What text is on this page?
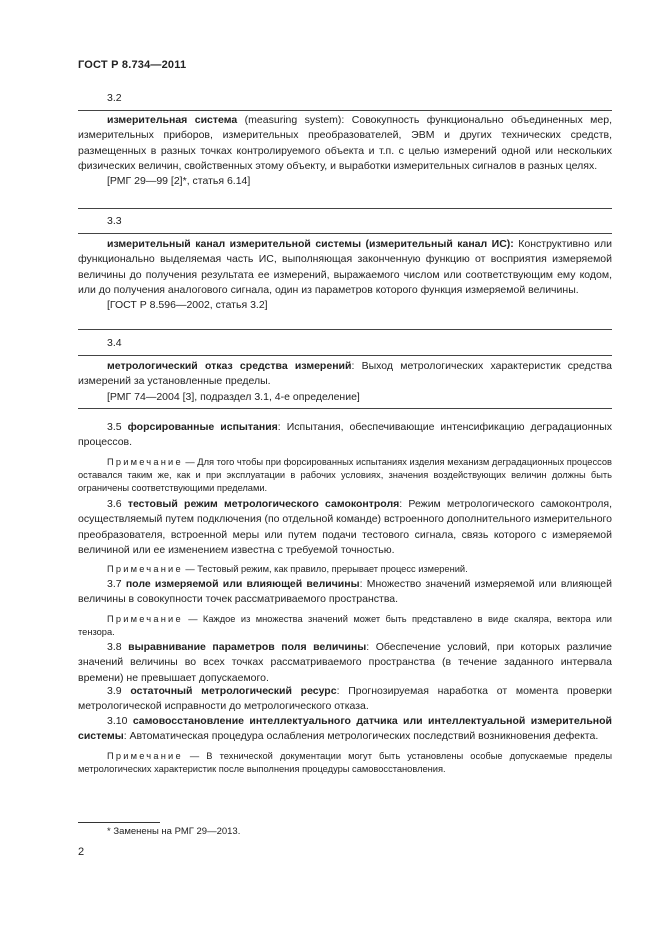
ГОСТ Р 8.734—2011
3.2
измерительная система (measuring system): Совокупность функционально объединенных мер, измерительных приборов, измерительных преобразователей, ЭВМ и других технических средств, размещенных в разных точках контролируемого объекта и т.п. с целью измерений одной или нескольких физических величин, свойственных этому объекту, и выработки измерительных сигналов в разных целях.
[РМГ 29—99 [2]*, статья 6.14]
3.3
измерительный канал измерительной системы (измерительный канал ИС): Конструктивно или функционально выделяемая часть ИС, выполняющая законченную функцию от восприятия измеряемой величины до получения результата ее измерений, выражаемого числом или соответствующим ему кодом, или до получения аналогового сигнала, один из параметров которого функция измеряемой величины.
[ГОСТ Р 8.596—2002, статья 3.2]
3.4
метрологический отказ средства измерений: Выход метрологических характеристик средства измерений за установленные пределы.
[РМГ 74—2004 [3], подраздел 3.1, 4-е определение]
3.5 форсированные испытания: Испытания, обеспечивающие интенсификацию деградационных процессов.
Примечание — Для того чтобы при форсированных испытаниях изделия механизм деградационных процессов оставался таким же, как и при эксплуатации в рабочих условиях, значения воздействующих величин должны быть ограничены соответствующими пределами.
3.6 тестовый режим метрологического самоконтроля: Режим метрологического самоконтроля, осуществляемый путем подключения (по отдельной команде) встроенного дополнительного измерительного преобразователя, встроенной меры или путем подачи тестового сигнала, связь которого с измеряемой величиной или ее изменением известна с требуемой точностью.
Примечание — Тестовый режим, как правило, прерывает процесс измерений.
3.7 поле измеряемой или влияющей величины: Множество значений измеряемой или влияющей величины в совокупности точек рассматриваемого пространства.
Примечание — Каждое из множества значений может быть представлено в виде скаляра, вектора или тензора.
3.8 выравнивание параметров поля величины: Обеспечение условий, при которых различие значений величины во всех точках рассматриваемого пространства (в течение заданного интервала времени) не превышает допускаемого.
3.9 остаточный метрологический ресурс: Прогнозируемая наработка от момента проверки метрологической исправности до метрологического отказа.
3.10 самовосстановление интеллектуального датчика или интеллектуальной измерительной системы: Автоматическая процедура ослабления метрологических последствий возникновения дефекта.
Примечание — В технической документации могут быть установлены особые допускаемые пределы метрологических характеристик после выполнения процедуры самовосстановления.
* Заменены на РМГ 29—2013.
2
